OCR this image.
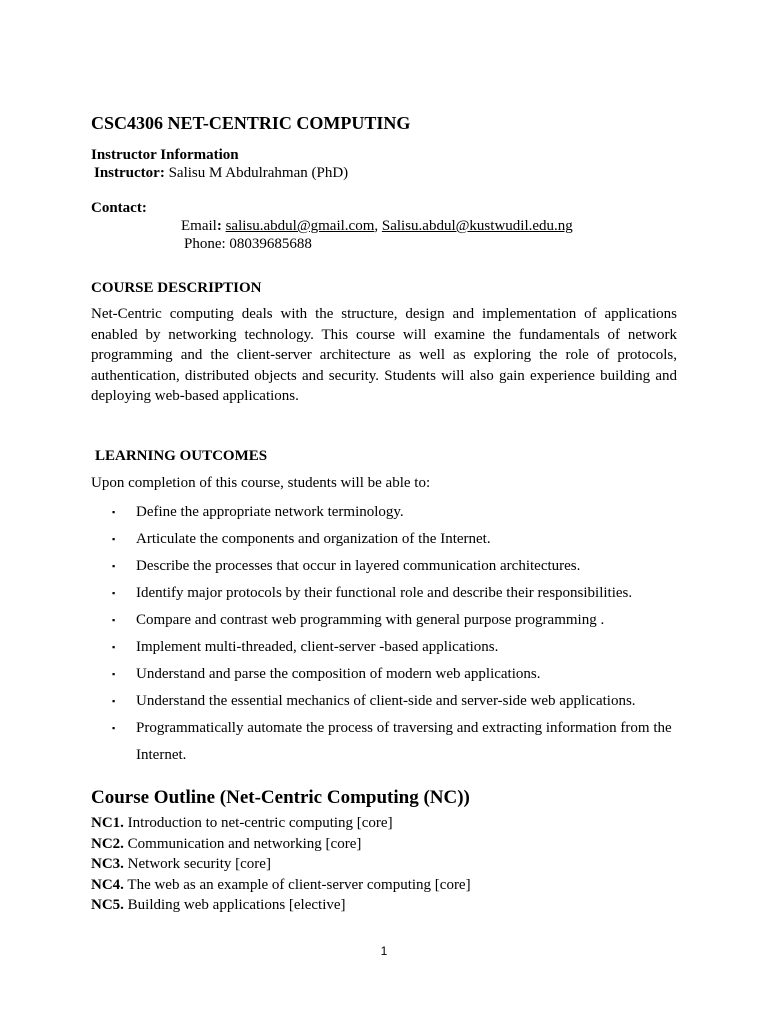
CSC4306 NET-CENTRIC COMPUTING
Instructor Information
Instructor: Salisu M Abdulrahman (PhD)
Contact:
Email: salisu.abdul@gmail.com, Salisu.abdul@kustwudil.edu.ng
Phone: 08039685688
COURSE DESCRIPTION
Net-Centric computing deals with the structure, design and implementation of applications enabled by networking technology. This course will examine the fundamentals of network programming and the client-server architecture as well as exploring the role of protocols, authentication, distributed objects and security. Students will also gain experience building and deploying web-based applications.
LEARNING OUTCOMES
Upon completion of this course, students will be able to:
▪ Define the appropriate network terminology.
▪ Articulate the components and organization of the Internet.
▪ Describe the processes that occur in layered communication architectures.
▪ Identify major protocols by their functional role and describe their responsibilities.
▪ Compare and contrast web programming with general purpose programming .
▪ Implement multi-threaded, client-server -based applications.
▪ Understand and parse the composition of modern web applications.
▪ Understand the essential mechanics of client-side and server-side web applications.
▪ Programmatically automate the process of traversing and extracting information from the Internet.
Course Outline (Net-Centric Computing (NC))
NC1. Introduction to net-centric computing [core]
NC2. Communication and networking [core]
NC3. Network security [core]
NC4. The web as an example of client-server computing [core]
NC5. Building web applications [elective]
1
